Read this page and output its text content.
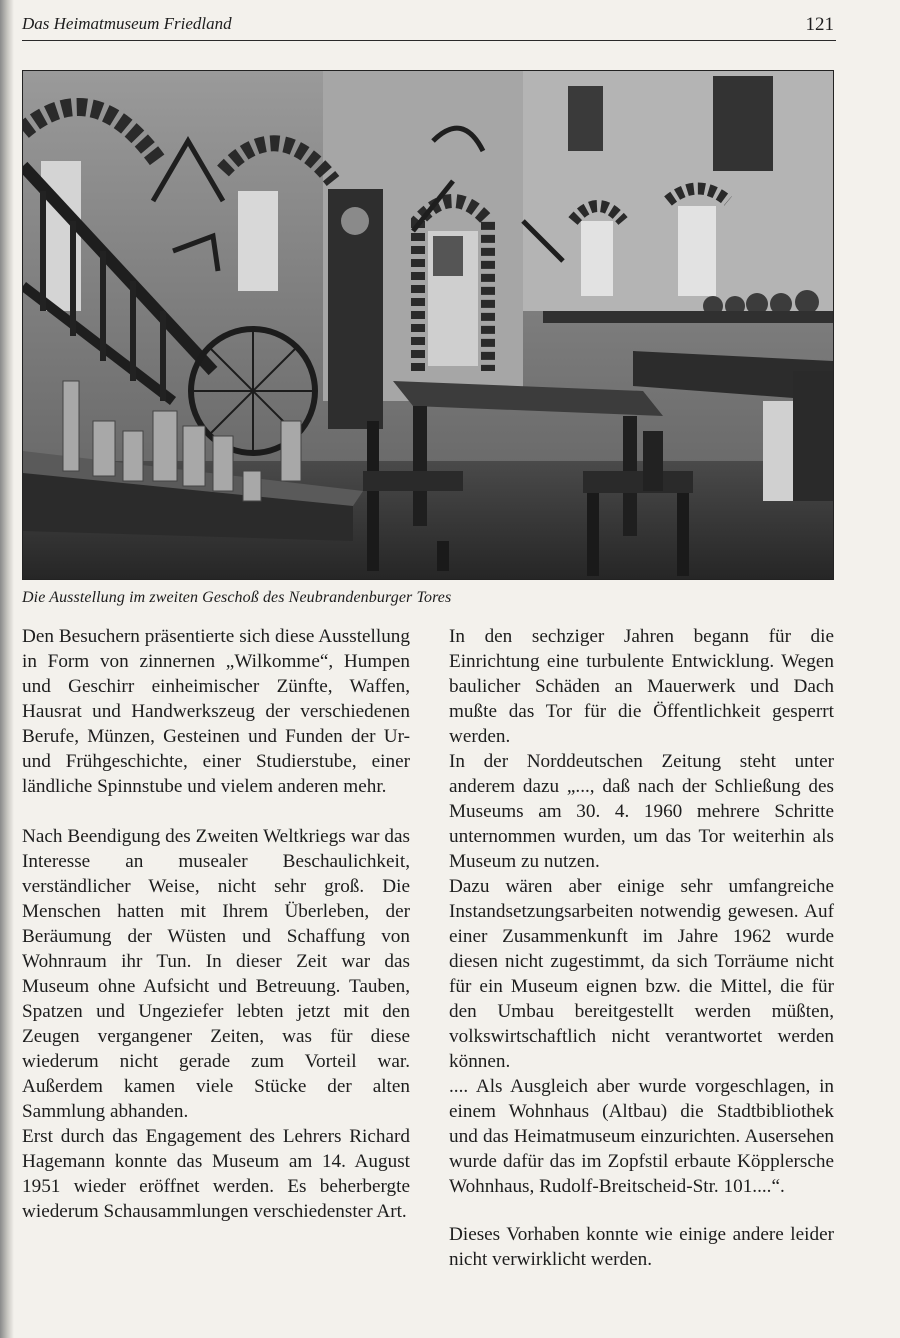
Das Heimatmuseum Friedland	121
Die Ausstellung im zweiten Geschoß des Neubrandenburger Tores

Den Besuchern präsentierte sich diese Ausstellung in Form von zinnernen „Wilkomme“, Humpen und Geschirr einheimischer Zünfte, Waffen, Hausrat und Handwerkszeug der verschiedenen Berufe, Münzen, Gesteinen und Funden der Ur- und Frühgeschichte, einer Studierstube, einer ländliche Spinnstube und vielem anderen mehr.

Nach Beendigung des Zweiten Weltkriegs war das Interesse an musealer Beschaulichkeit, verständlicher Weise, nicht sehr groß. Die Menschen hatten mit Ihrem Überleben, der Beräumung der Wüsten und Schaffung von Wohnraum ihr Tun. In dieser Zeit war das Museum ohne Aufsicht und Betreuung. Tauben, Spatzen und Ungeziefer lebten jetzt mit den Zeugen vergangener Zeiten, was für diese wiederum nicht gerade zum Vorteil war. Außerdem kamen viele Stücke der alten Sammlung abhanden.

Erst durch das Engagement des Lehrers Richard Hagemann konnte das Museum am 14. August 1951 wieder eröffnet werden. Es beherbergte wiederum Schausammlungen verschiedenster Art.

In den sechziger Jahren begann für die Einrichtung eine turbulente Entwicklung. Wegen baulicher Schäden an Mauerwerk und Dach mußte das Tor für die Öffentlichkeit gesperrt werden.

In der Norddeutschen Zeitung steht unter anderem dazu „..., daß nach der Schließung des Museums am 30. 4. 1960 mehrere Schritte unternommen wurden, um das Tor weiterhin als Museum zu nutzen.

Dazu wären aber einige sehr umfangreiche Instandsetzungsarbeiten notwendig gewesen. Auf einer Zusammenkunft im Jahre 1962 wurde diesen nicht zugestimmt, da sich Torräume nicht für ein Museum eignen bzw. die Mittel, die für den Umbau bereitgestellt werden müßten, volkswirtschaftlich nicht verantwortet werden können.

.... Als Ausgleich aber wurde vorgeschlagen, in einem Wohnhaus (Altbau) die Stadtbibliothek und das Heimatmuseum einzurichten. Ausersehen wurde dafür das im Zopfstil erbaute Köpplersche Wohnhaus, Rudolf-Breitscheid-Str. 101....“.

Dieses Vorhaben konnte wie einige andere leider nicht verwirklicht werden.
